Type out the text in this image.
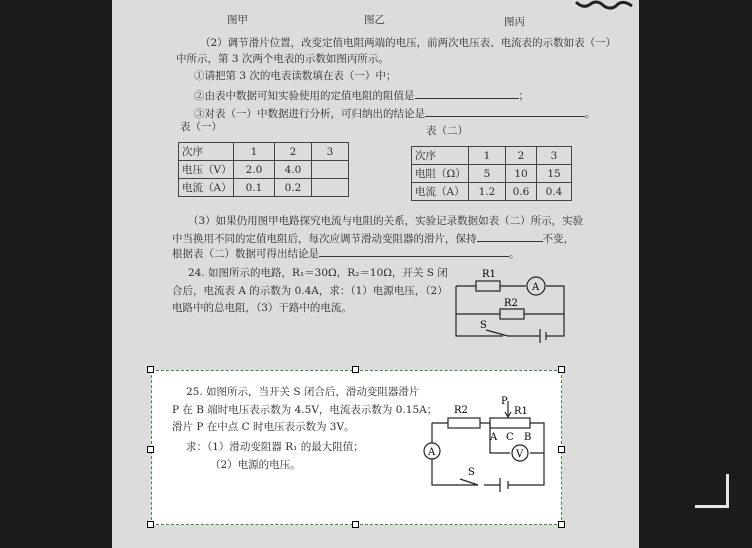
图甲	图乙	图丙
（2）调节滑片位置，改变定值电阻两端的电压，前两次电压表、电流表的示数如表（一）
中所示，第 3 次两个电表的示数如图丙所示。
①请把第 3 次的电表读数填在表（一）中；
②由表中数据可知实验使用的定值电阻的阻值是	；
③对表（一）中数据进行分析，可归纳出的结论是	。
表（一）
次序	1	2	3
电压（V）	2.0	4.0	
电流（A）	0.1	0.2	
表（二）
次序	1	2	3
电阻（Ω）	5	10	15
电流（A）	1.2	0.6	0.4
（3）如果仍用图甲电路探究电流与电阻的关系，实验记录数据如表（二）所示，实验
中当换用不同的定值电阻后，每次应调节滑动变阻器的滑片，保持	不变，
根据表（二）数据可得出结论是	。
24. 如图所示的电路，R₁＝30Ω，R₂＝10Ω，开关 S 闭
合后，电流表 A 的示数为 0.4A，求：（1）电源电压，（2）
电路中的总电阻，（3）干路中的电流。
R1
R2
A
S
25. 如图所示，当开关 S 闭合后，滑动变阻器滑片
P 在 B 端时电压表示数为 4.5V，电流表示数为 0.15A；
滑片 P 在中点 C 时电压表示数为 3V。
求：（1）滑动变阻器 R₁ 的最大阻值；
（2）电源的电压。
R2	R1
P
A C B
A	V
S
